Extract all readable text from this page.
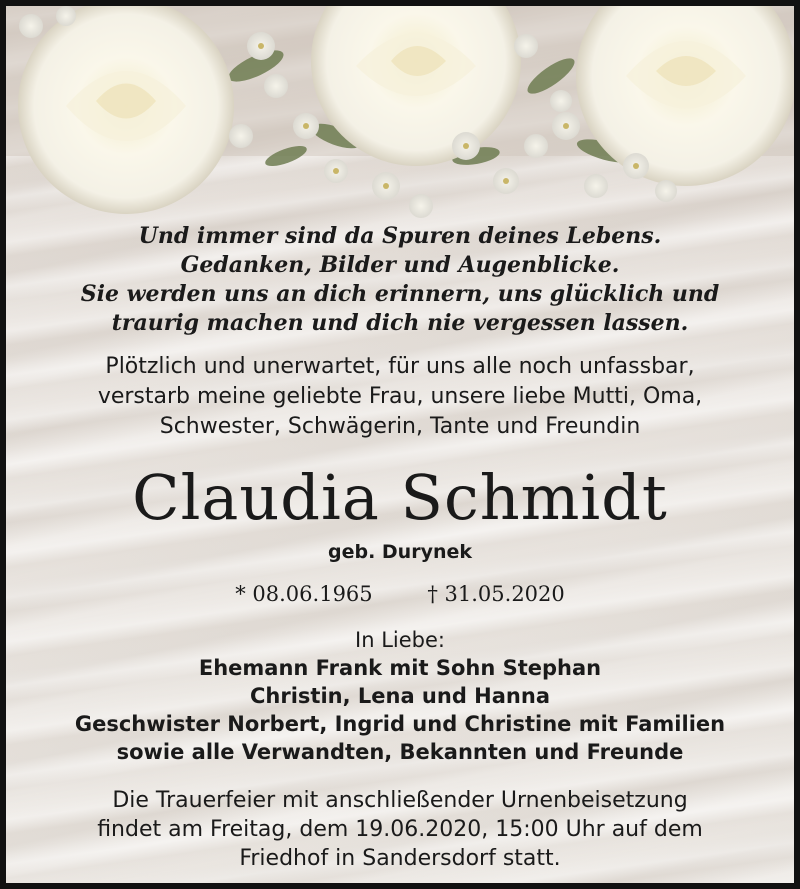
Und immer sind da Spuren deines Lebens.
Gedanken, Bilder und Augenblicke.
Sie werden uns an dich erinnern, uns glücklich und
traurig machen und dich nie vergessen lassen.
Plötzlich und unerwartet, für uns alle noch unfassbar,
verstarb meine geliebte Frau, unsere liebe Mutti, Oma,
Schwester, Schwägerin, Tante und Freundin
Claudia Schmidt
geb. Durynek
* 08.06.1965	† 31.05.2020
In Liebe:
Ehemann Frank mit Sohn Stephan
Christin, Lena und Hanna
Geschwister Norbert, Ingrid und Christine mit Familien
sowie alle Verwandten, Bekannten und Freunde
Die Trauerfeier mit anschließender Urnenbeisetzung
findet am Freitag, dem 19.06.2020, 15:00 Uhr auf dem
Friedhof in Sandersdorf statt.
